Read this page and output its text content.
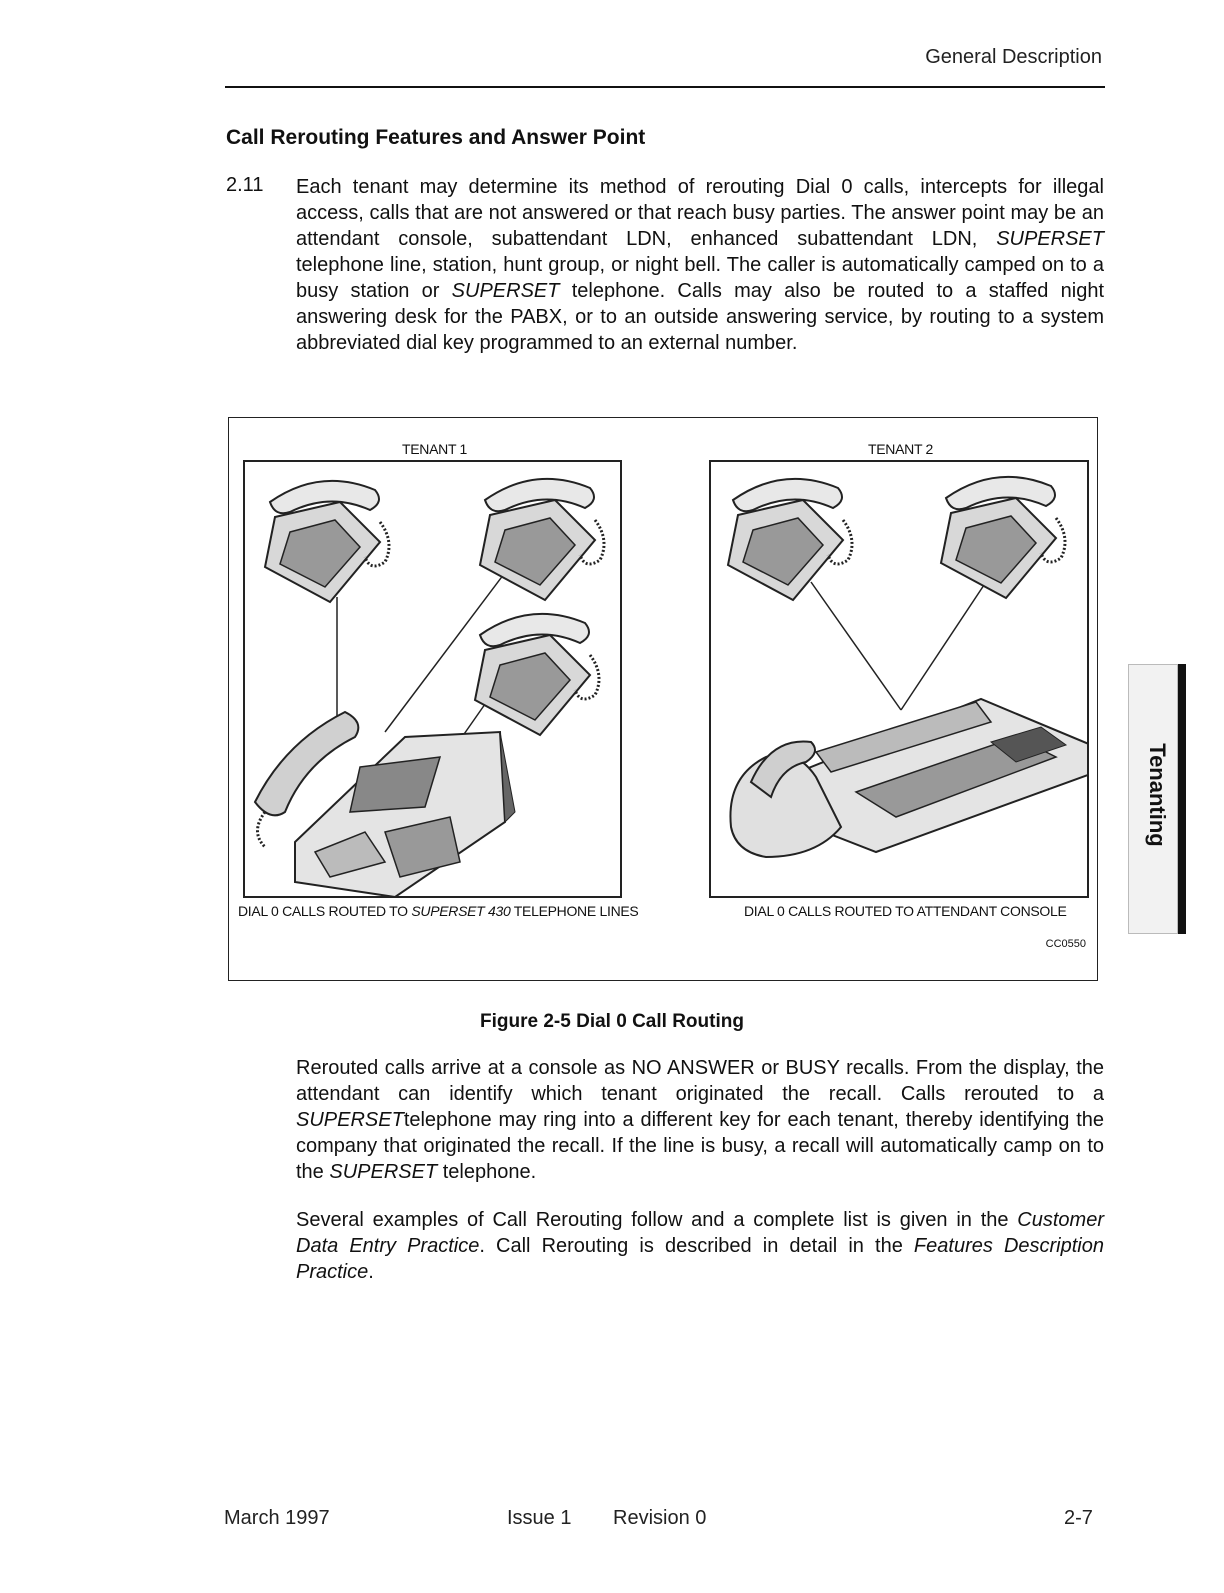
General Description
Call Rerouting Features and Answer Point
2.11 Each tenant may determine its method of rerouting Dial 0 calls, intercepts for illegal access, calls that are not answered or that reach busy parties. The answer point may be an attendant console, subattendant LDN, enhanced subattendant LDN, SUPERSET telephone line, station, hunt group, or night bell. The caller is automatically camped on to a busy station or SUPERSET telephone. Calls may also be routed to a staffed night answering desk for the PABX, or to an outside answering service, by routing to a system abbreviated dial key programmed to an external number.
TENANT 1	TENANT 2
DIAL 0 CALLS ROUTED TO SUPERSET 430 TELEPHONE LINES	DIAL 0 CALLS ROUTED TO ATTENDANT CONSOLE
CC0550
Figure 2-5 Dial 0 Call Routing
Rerouted calls arrive at a console as NO ANSWER or BUSY recalls. From the display, the attendant can identify which tenant originated the recall. Calls rerouted to a SUPERSETtelephone may ring into a different key for each tenant, thereby identifying the company that originated the recall. If the line is busy, a recall will automatically camp on to the SUPERSET telephone.
Several examples of Call Rerouting follow and a complete list is given in the Customer Data Entry Practice. Call Rerouting is described in detail in the Features Description Practice.
Tenanting
March 1997	Issue 1 Revision 0	2-7
